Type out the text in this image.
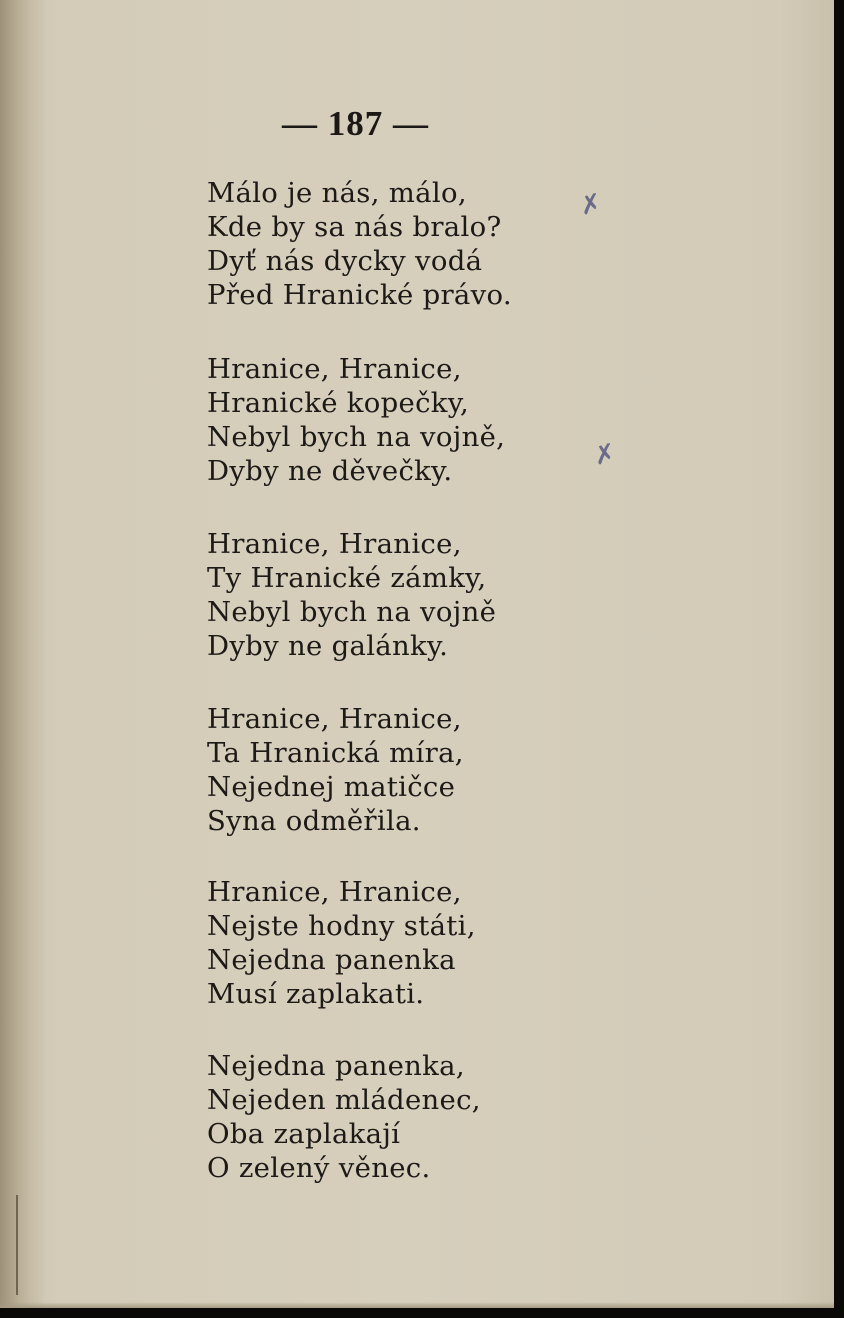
— 187 —
Málo je nás, málo,
Kde by sa nás bralo?
Dyť nás dycky vodá
Před Hranické právo.
Hranice, Hranice,
Hranické kopečky,
Nebyl bych na vojně,
Dyby ne děvečky.
Hranice, Hranice,
Ty Hranické zámky,
Nebyl bych na vojně
Dyby ne galánky.
Hranice, Hranice,
Ta Hranická míra,
Nejednej matičce
Syna odměřila.
Hranice, Hranice,
Nejste hodny státi,
Nejedna panenka
Musí zaplakati.
Nejedna panenka,
Nejeden mládenec,
Oba zaplakají
O zelený věnec.
✗
✗
